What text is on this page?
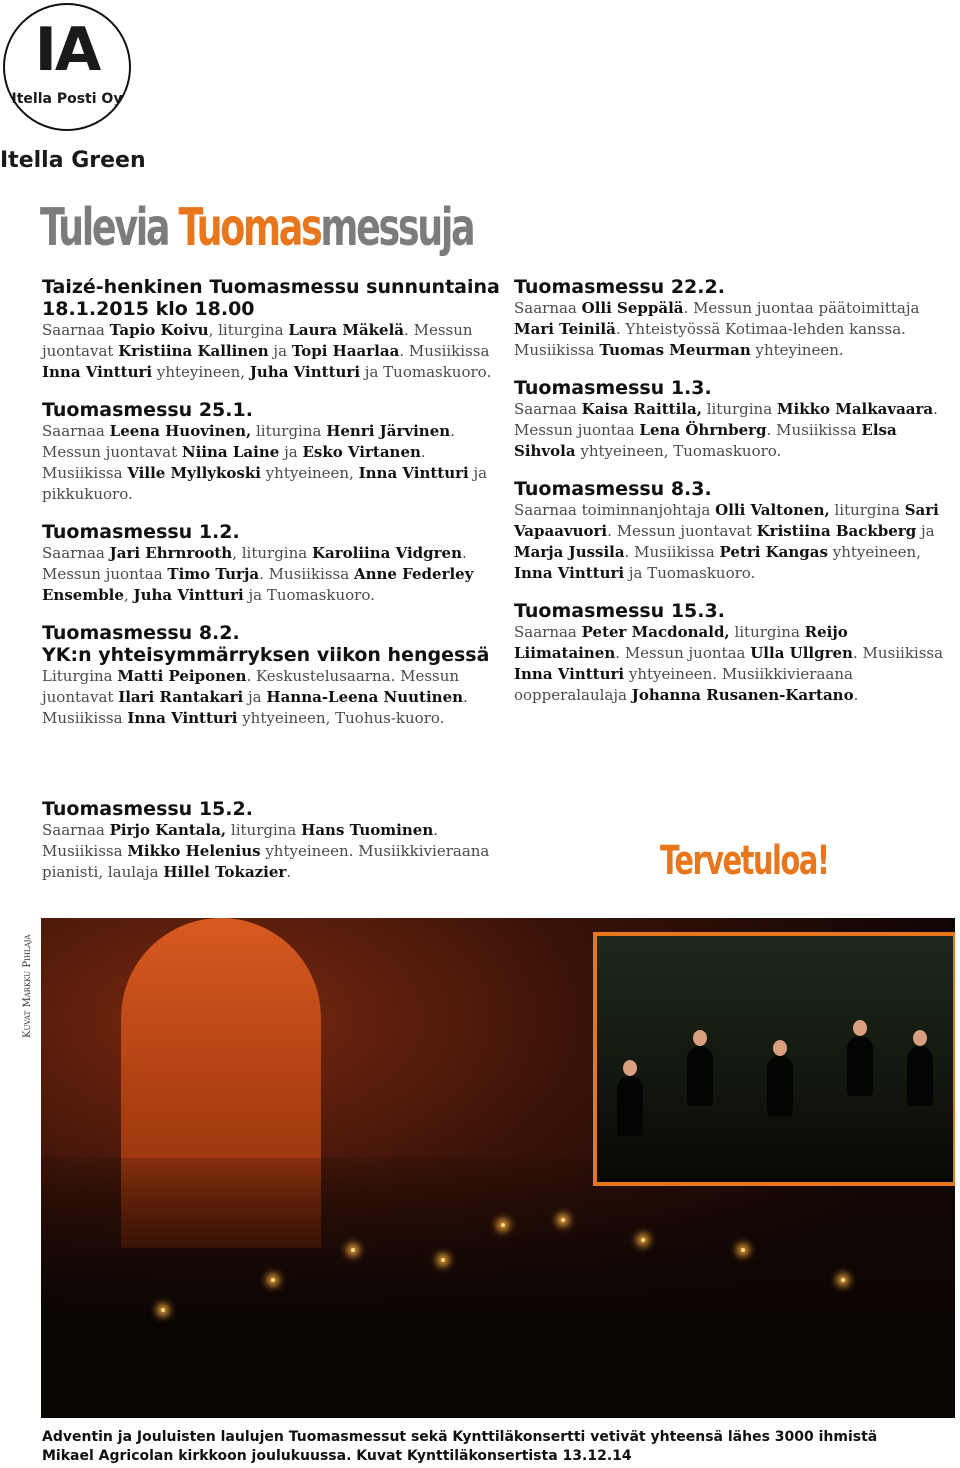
IA
Itella Posti Oy
Itella Green
Tulevia Tuomasmessuja
Taizé-henkinen Tuomasmessu sunnuntaina 18.1.2015 klo 18.00

Saarnaa Tapio Koivu, liturgina Laura Mäkelä. Messun juontavat Kristiina Kallinen ja Topi Haarlaa. Musiikissa Inna Vintturi yhteyineen, Juha Vintturi ja Tuomaskuoro.

Tuomasmessu 25.1.

Saarnaa Leena Huovinen, liturgina Henri Järvinen. Messun juontavat Niina Laine ja Esko Virtanen. Musiikissa Ville Myllykoski yhtyeineen, Inna Vintturi ja pikkukuoro.

Tuomasmessu 1.2.

Saarnaa Jari Ehrnrooth, liturgina Karoliina Vidgren. Messun juontaa Timo Turja. Musiikissa Anne Federley Ensemble, Juha Vintturi ja Tuomaskuoro.

Tuomasmessu 8.2.
YK:n yhteisymmärryksen viikon hengessä

Liturgina Matti Peiponen. Keskustelusaarna. Messun juontavat Ilari Rantakari ja Hanna-Leena Nuutinen. Musiikissa Inna Vintturi yhtyeineen, Tuohus-kuoro.

Tuomasmessu 22.2.

Saarnaa Olli Seppälä. Messun juontaa päätoimittaja Mari Teinilä. Yhteistyössä Kotimaa-lehden kanssa. Musiikissa Tuomas Meurman yhteyineen.

Tuomasmessu 1.3.

Saarnaa Kaisa Raittila, liturgina Mikko Malkavaara. Messun juontaa Lena Öhrnberg. Musiikissa Elsa Sihvola yhtyeineen, Tuomaskuoro.

Tuomasmessu 8.3.

Saarnaa toiminnanjohtaja Olli Valtonen, liturgina Sari Vapaavuori. Messun juontavat Kristiina Backberg ja Marja Jussila. Musiikissa Petri Kangas yhtyeineen, Inna Vintturi ja Tuomaskuoro.

Tuomasmessu 15.3.

Saarnaa Peter Macdonald, liturgina Reijo Liimatainen. Messun juontaa Ulla Ullgren. Musiikissa Inna Vintturi yhtyeineen. Musiikkivieraana oopperalaulaja Johanna Rusanen-Kartano.

Tuomasmessu 15.2.

Saarnaa Pirjo Kantala, liturgina Hans Tuominen. Musiikissa Mikko Helenius yhtyeineen. Musiikkivieraana pianisti, laulaja Hillel Tokazier.	Tervetuloa!
Kuvat Markku Pihlaja
Adventin ja Jouluisten laulujen Tuomasmessut sekä Kynttiläkonsertti vetivät yhteensä lähes 3000 ihmistä Mikael Agricolan kirkkoon joulukuussa. Kuvat Kynttiläkonsertista 13.12.14
